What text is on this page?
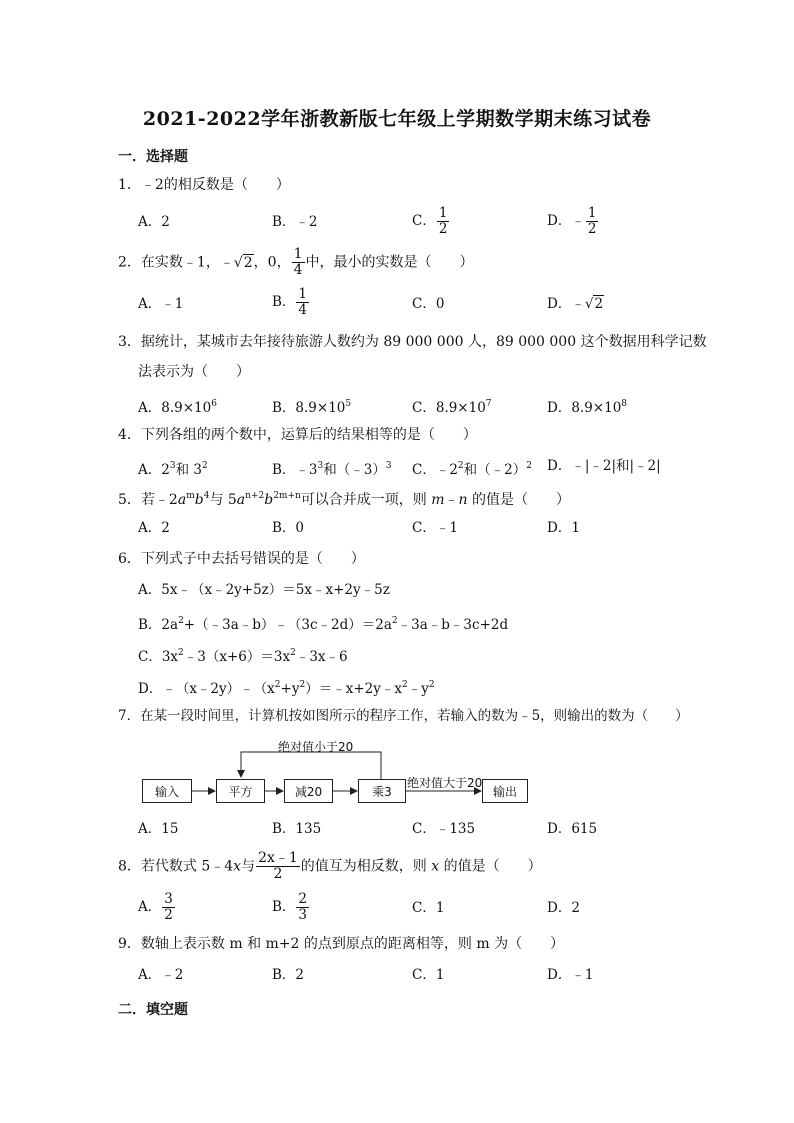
2021-2022学年浙教新版七年级上学期数学期末练习试卷
一．选择题
1．﹣2的相反数是（　　）
A．2	B．﹣2	C． $\frac{1}{2}$	D．﹣ $\frac{1}{2}$
2．在实数﹣1，﹣√2，0， $\frac{1}{4}$ 中，最小的实数是（　　）
A．﹣1	B． $\frac{1}{4}$	C．0	D．﹣√2
3．据统计，某城市去年接待旅游人数约为 89 000 000 人，89 000 000 这个数据用科学记数
法表示为（　　）
A．$8.9\times 10^6$	B．$8.9\times 10^5$	C．$8.9\times 10^7$	D．$8.9\times 10^8$
4．下列各组的两个数中，运算后的结果相等的是（　　）
A．$2^3$和 $3^2$	B．$﹣3^3$和（﹣3）$^3$ C．$﹣2^2$和（﹣2）$^2$ D．﹣|﹣2|和|﹣2|
5．若$﹣2a^mb^4$与 $5a^{n+2}b^{2m+n}$可以合并成一项，则 m﹣n 的值是（　　）
A．2	B．0	C．﹣1	D．1
6．下列式子中去括号错误的是（　　）
A．5x﹣（x﹣2y+5z）＝5x﹣x+2y﹣5z
B．$2a^2+(﹣3a﹣b)﹣(3c﹣2d)=2a^2﹣3a﹣b﹣3c+2d$
C．$3x^2﹣3(x+6)=3x^2﹣3x﹣6$
D．$﹣(x﹣2y)﹣(x^2+y^2)=﹣x+2y﹣x^2﹣y^2$
7．在某一段时间里，计算机按如图所示的程序工作，若输入的数为﹣5，则输出的数为（　　）
输入	平方	减20	乘3	输出
绝对值小于20
绝对值大于20
A．15	B．135	C．﹣135	D．615
8．若代数式 5﹣4x与 $\frac{2x﹣1}{2}$ 的值互为相反数，则 x 的值是（　　）
A． $\frac{3}{2}$	B． $\frac{2}{3}$	C．1	D．2
9．数轴上表示数 m 和 m+2 的点到原点的距离相等，则 m 为（　　）
A．﹣2	B．2	C．1	D．﹣1
二．填空题
